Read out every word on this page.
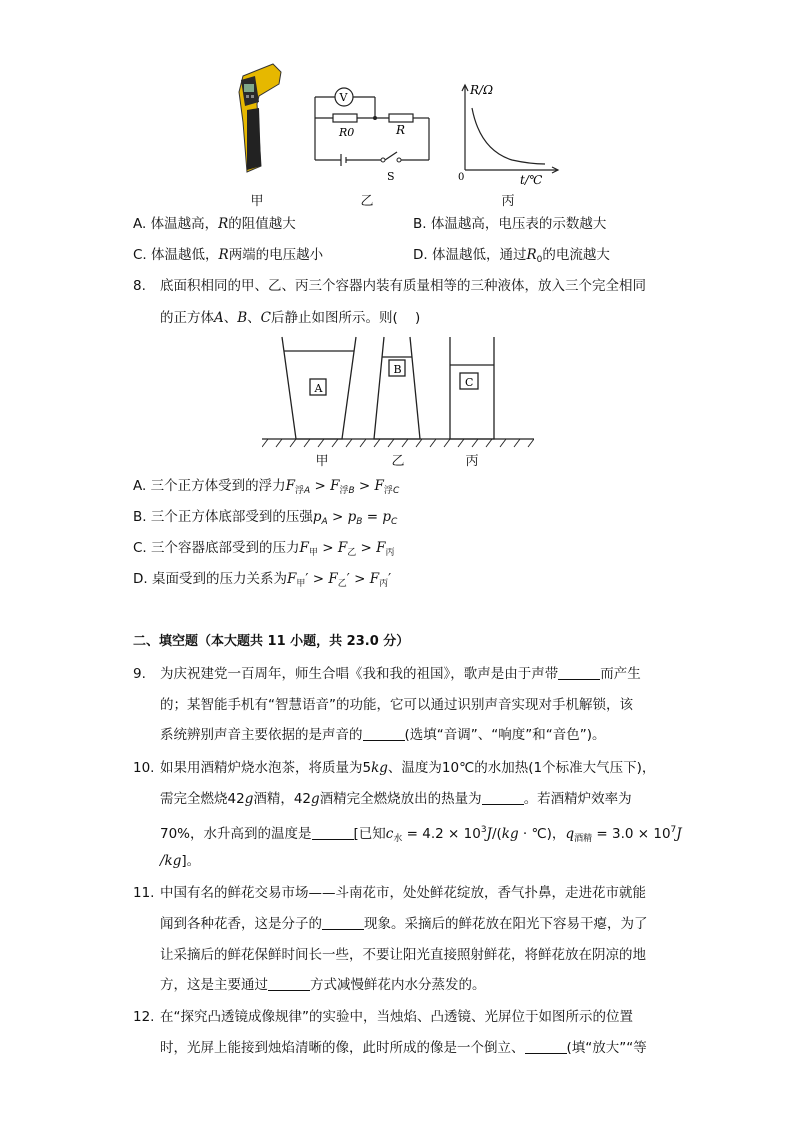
甲
V
R0	R
S
乙
R/Ω
t/℃
0
丙
A. 体温越高，R的阻值越大	B. 体温越高，电压表的示数越大
C. 体温越低，R两端的电压越小	D. 体温越低，通过$R_0$的电流越大
8. 底面积相同的甲、乙、丙三个容器内装有质量相等的三种液体，放入三个完全相同
的正方体A、B、C后静止如图所示。则(    )
A
B
C
甲	乙	丙
A. 三个正方体受到的浮力$F_{浮A} > F_{浮B} > F_{浮C}$
B. 三个正方体底部受到的压强$p_A > p_B = p_C$
C. 三个容器底部受到的压力$F_甲 > F_乙 > F_丙$
D. 桌面受到的压力关系为$F_甲' > F_乙' > F_丙'$
二、填空题（本大题共 11 小题，共 23.0 分）
9. 为庆祝建党一百周年，师生合唱《我和我的祖国》，歌声是由于声带	而产生
的；某智能手机有“智慧语音”的功能，它可以通过识别声音实现对手机解锁，该
系统辨别声音主要依据的是声音的	(选填“音调”、“响度”和“音色”)。
10. 如果用酒精炉烧水泡茶，将质量为5kg、温度为10℃的水加热(1个标准大气压下)，
需完全燃烧42g酒精，42g酒精完全燃烧放出的热量为	。若酒精炉效率为
70%，水升高到的温度是	[已知$c_水 = 4.2 \times 10^3J/(kg$ · ℃)，$q_{酒精} = 3.0 \times 10^7J$
/kg]。
11. 中国有名的鲜花交易市场——斗南花市，处处鲜花绽放，香气扑鼻，走进花市就能
闻到各种花香，这是分子的	现象。采摘后的鲜花放在阳光下容易干瘪，为了
让采摘后的鲜花保鲜时间长一些，不要让阳光直接照射鲜花，将鲜花放在阴凉的地
方，这是主要通过	方式减慢鲜花内水分蒸发的。
12. 在“探究凸透镜成像规律”的实验中，当烛焰、凸透镜、光屏位于如图所示的位置
时，光屏上能接到烛焰清晰的像，此时所成的像是一个倒立、	(填“放大”“等
